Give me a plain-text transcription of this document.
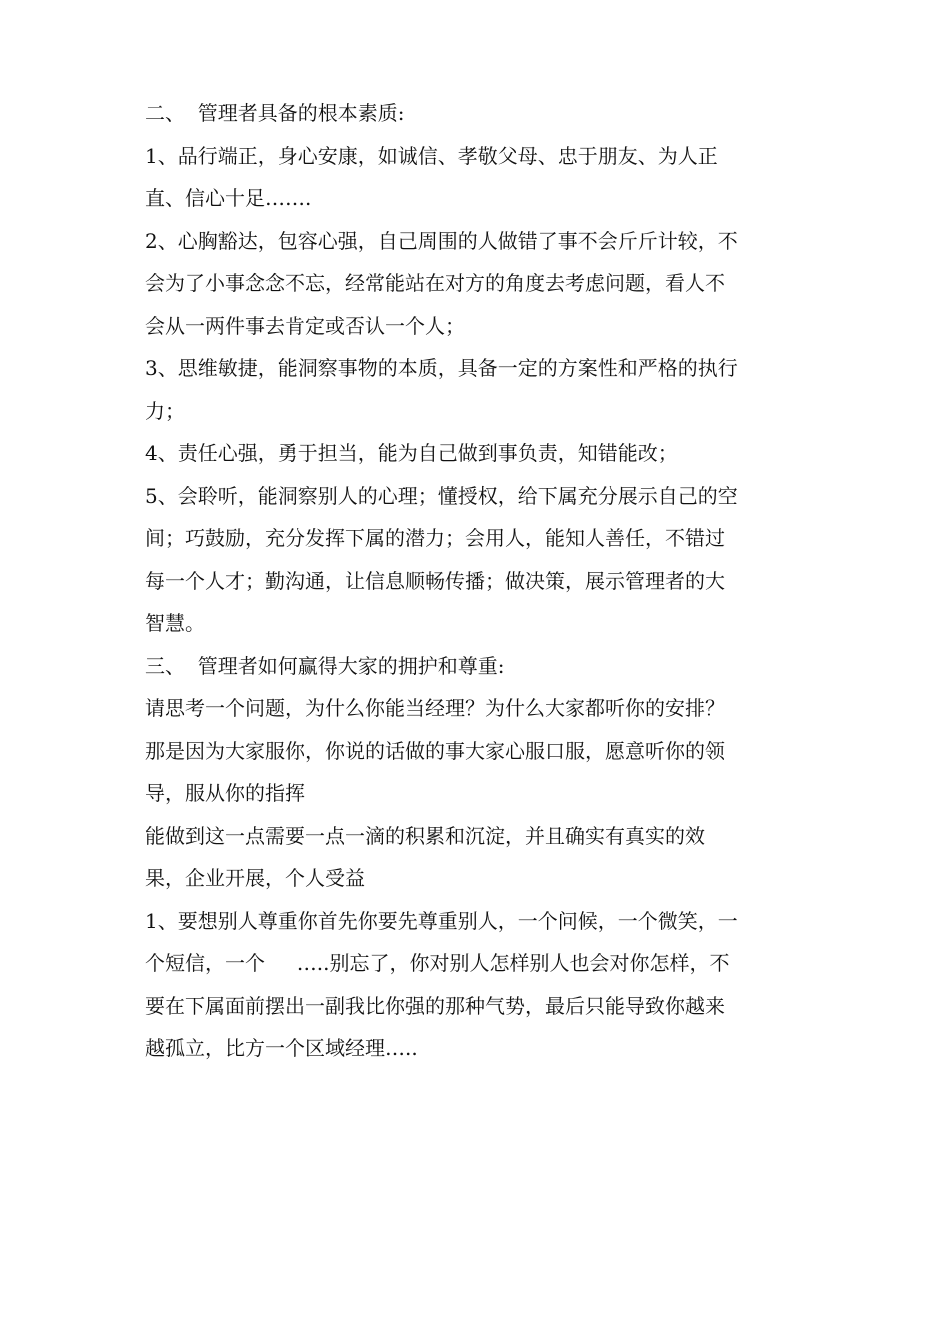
二、  管理者具备的根本素质:
1、品行端正，身心安康，如诚信、孝敬父母、忠于朋友、为人正
直、信心十足…….
2、心胸豁达，包容心强，自己周围的人做错了事不会斤斤计较，不
会为了小事念念不忘，经常能站在对方的角度去考虑问题，看人不
会从一两件事去肯定或否认一个人；
3、思维敏捷，能洞察事物的本质，具备一定的方案性和严格的执行
力；
4、责任心强，勇于担当，能为自己做到事负责，知错能改；
5、会聆听，能洞察别人的心理；懂授权，给下属充分展示自己的空
间；巧鼓励，充分发挥下属的潜力；会用人，能知人善任，不错过
每一个人才；勤沟通，让信息顺畅传播；做决策，展示管理者的大
智慧。
三、  管理者如何赢得大家的拥护和尊重:
请思考一个问题，为什么你能当经理？为什么大家都听你的安排？
那是因为大家服你，你说的话做的事大家心服口服，愿意听你的领
导，服从你的指挥
能做到这一点需要一点一滴的积累和沉淀，并且确实有真实的效
果，企业开展，个人受益
1、要想别人尊重你首先你要先尊重别人，一个问候，一个微笑，一
个短信，一个     …..别忘了，你对别人怎样别人也会对你怎样，不
要在下属面前摆出一副我比你强的那种气势，最后只能导致你越来
越孤立，比方一个区域经理…..
